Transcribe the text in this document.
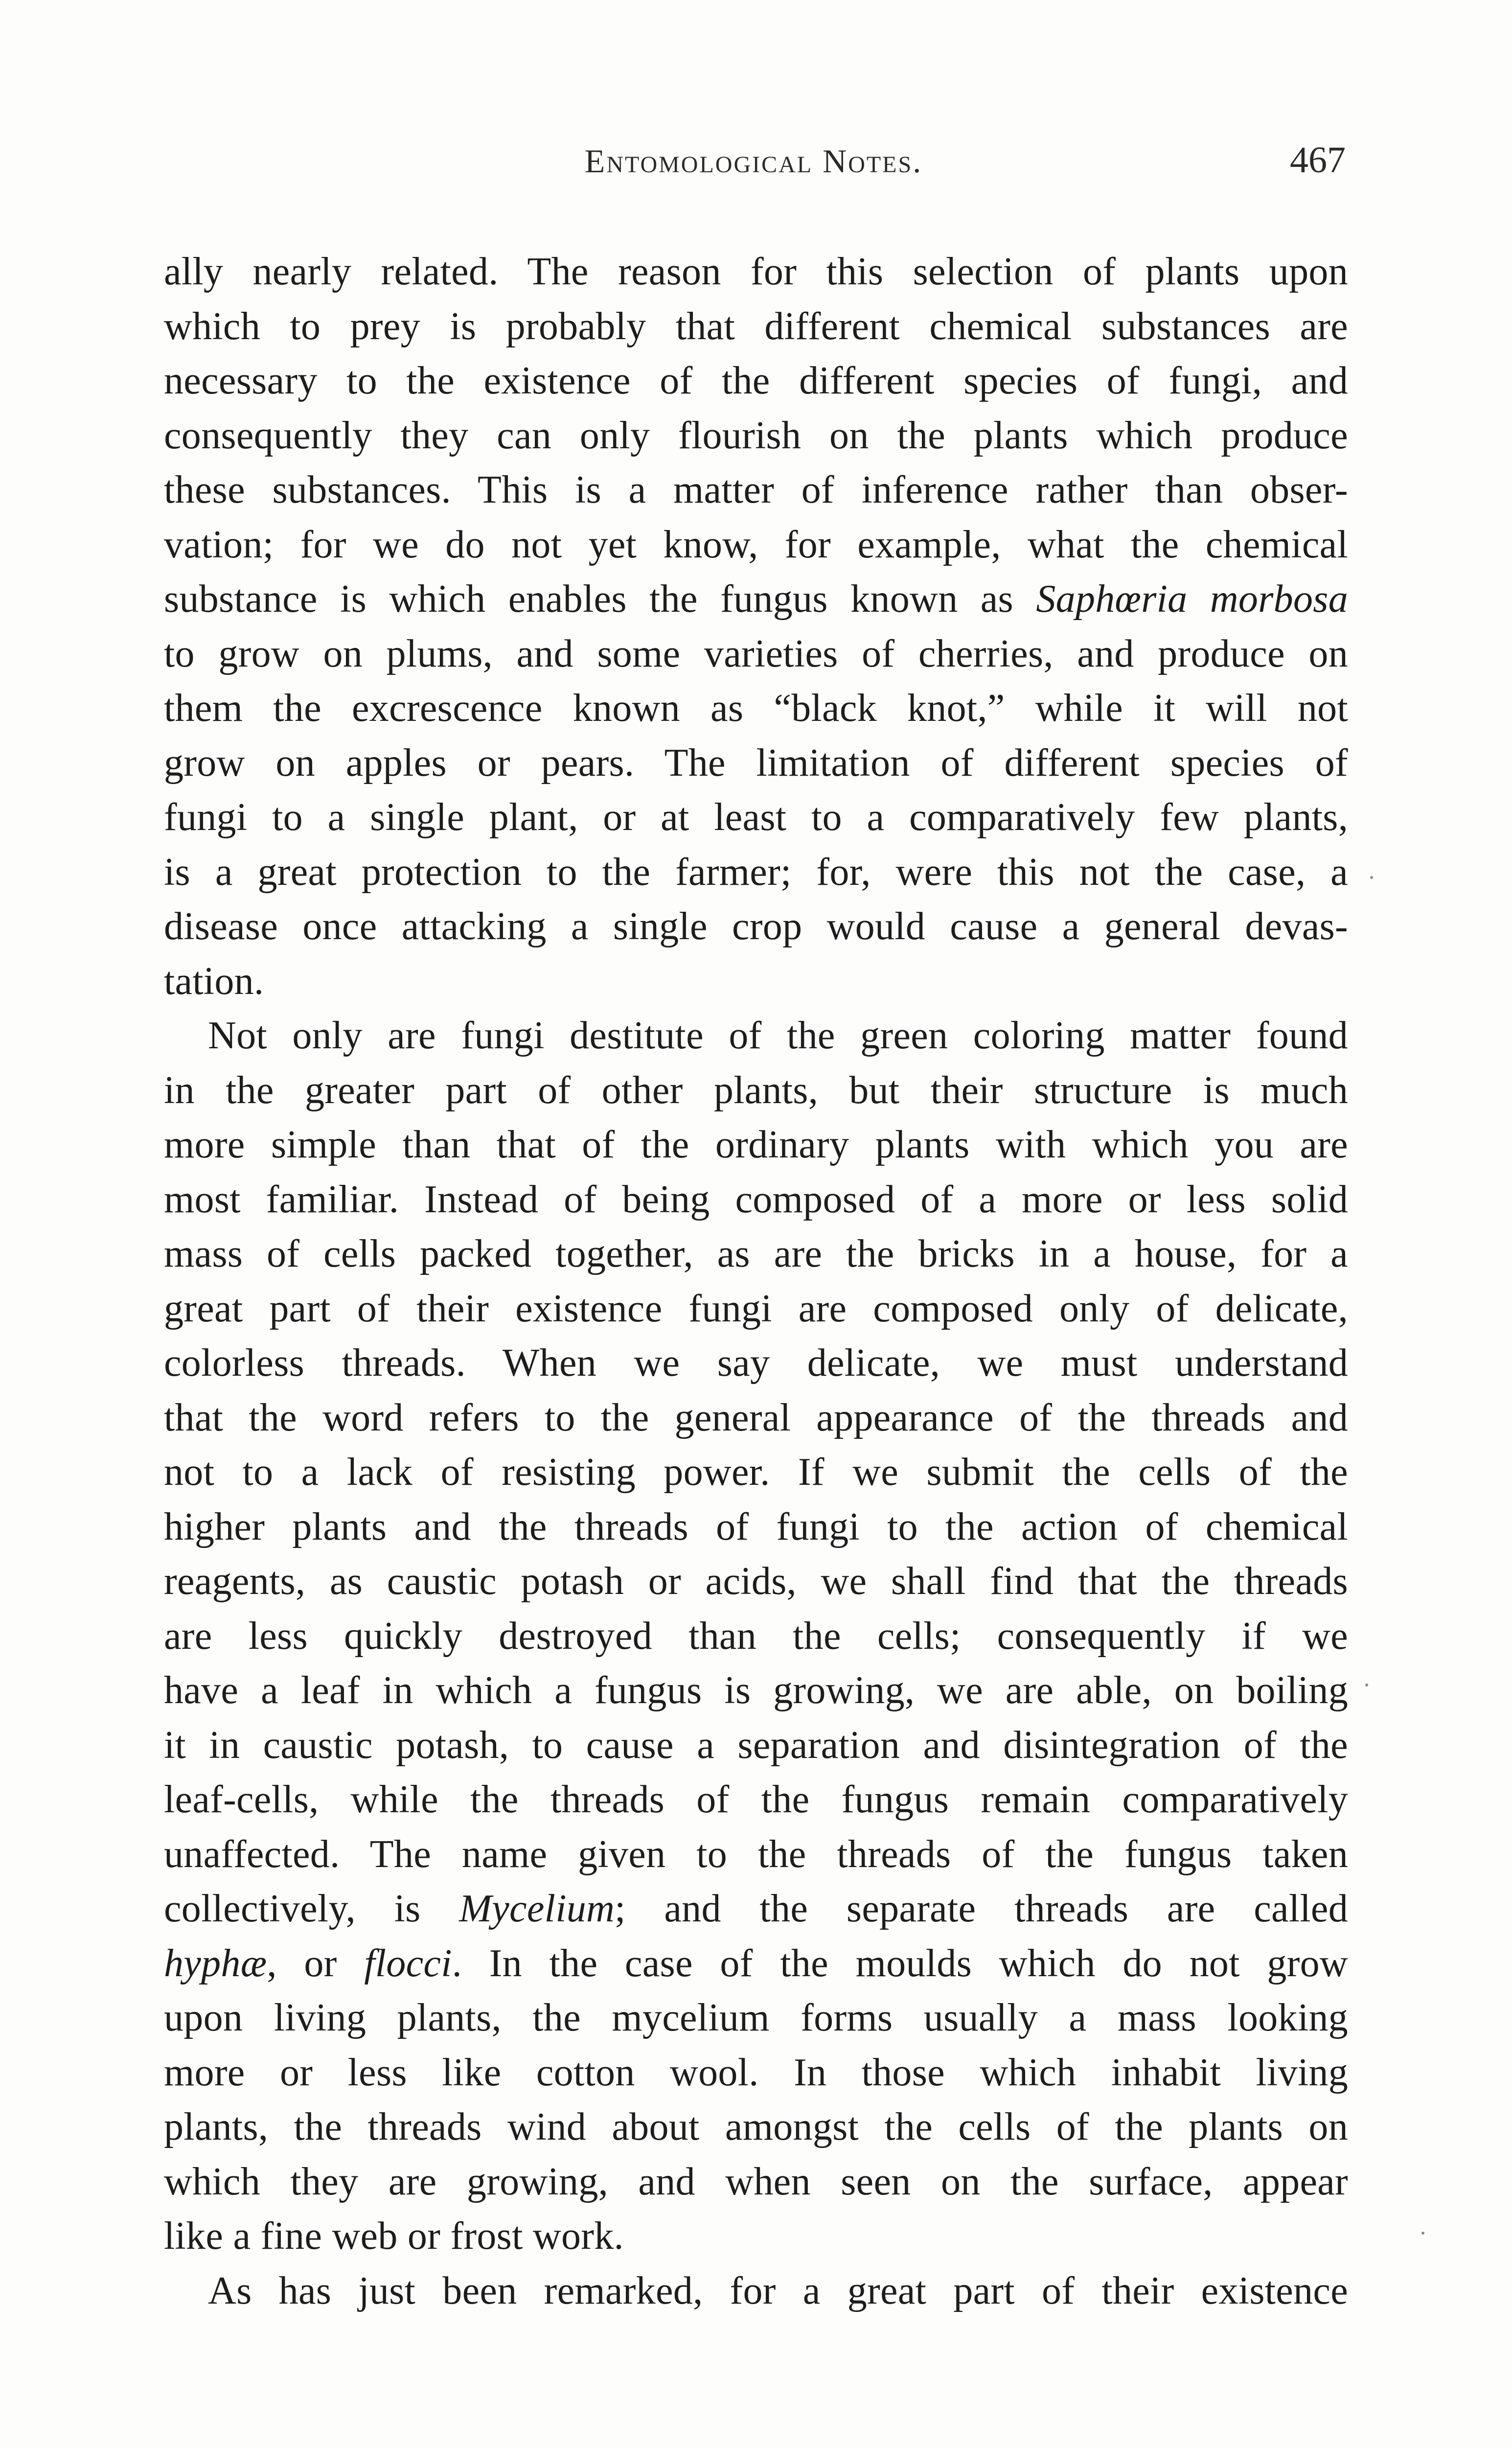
Entomological Notes.	467
ally nearly related. The reason for this selection of plants upon
which to prey is probably that different chemical substances are
necessary to the existence of the different species of fungi, and
consequently they can only flourish on the plants which produce
these substances. This is a matter of inference rather than obser-
vation; for we do not yet know, for example, what the chemical
substance is which enables the fungus known as Saphœria morbosa
to grow on plums, and some varieties of cherries, and produce on
them the excrescence known as “black knot,” while it will not
grow on apples or pears. The limitation of different species of
fungi to a single plant, or at least to a comparatively few plants,
is a great protection to the farmer; for, were this not the case, a
disease once attacking a single crop would cause a general devas-
tation.
Not only are fungi destitute of the green coloring matter found
in the greater part of other plants, but their structure is much
more simple than that of the ordinary plants with which you are
most familiar. Instead of being composed of a more or less solid
mass of cells packed together, as are the bricks in a house, for a
great part of their existence fungi are composed only of delicate,
colorless threads. When we say delicate, we must understand
that the word refers to the general appearance of the threads and
not to a lack of resisting power. If we submit the cells of the
higher plants and the threads of fungi to the action of chemical
reagents, as caustic potash or acids, we shall find that the threads
are less quickly destroyed than the cells; consequently if we
have a leaf in which a fungus is growing, we are able, on boiling
it in caustic potash, to cause a separation and disintegration of the
leaf-cells, while the threads of the fungus remain comparatively
unaffected. The name given to the threads of the fungus taken
collectively, is Mycelium; and the separate threads are called
hyphæ, or flocci. In the case of the moulds which do not grow
upon living plants, the mycelium forms usually a mass looking
more or less like cotton wool. In those which inhabit living
plants, the threads wind about amongst the cells of the plants on
which they are growing, and when seen on the surface, appear
like a fine web or frost work.
As has just been remarked, for a great part of their existence
